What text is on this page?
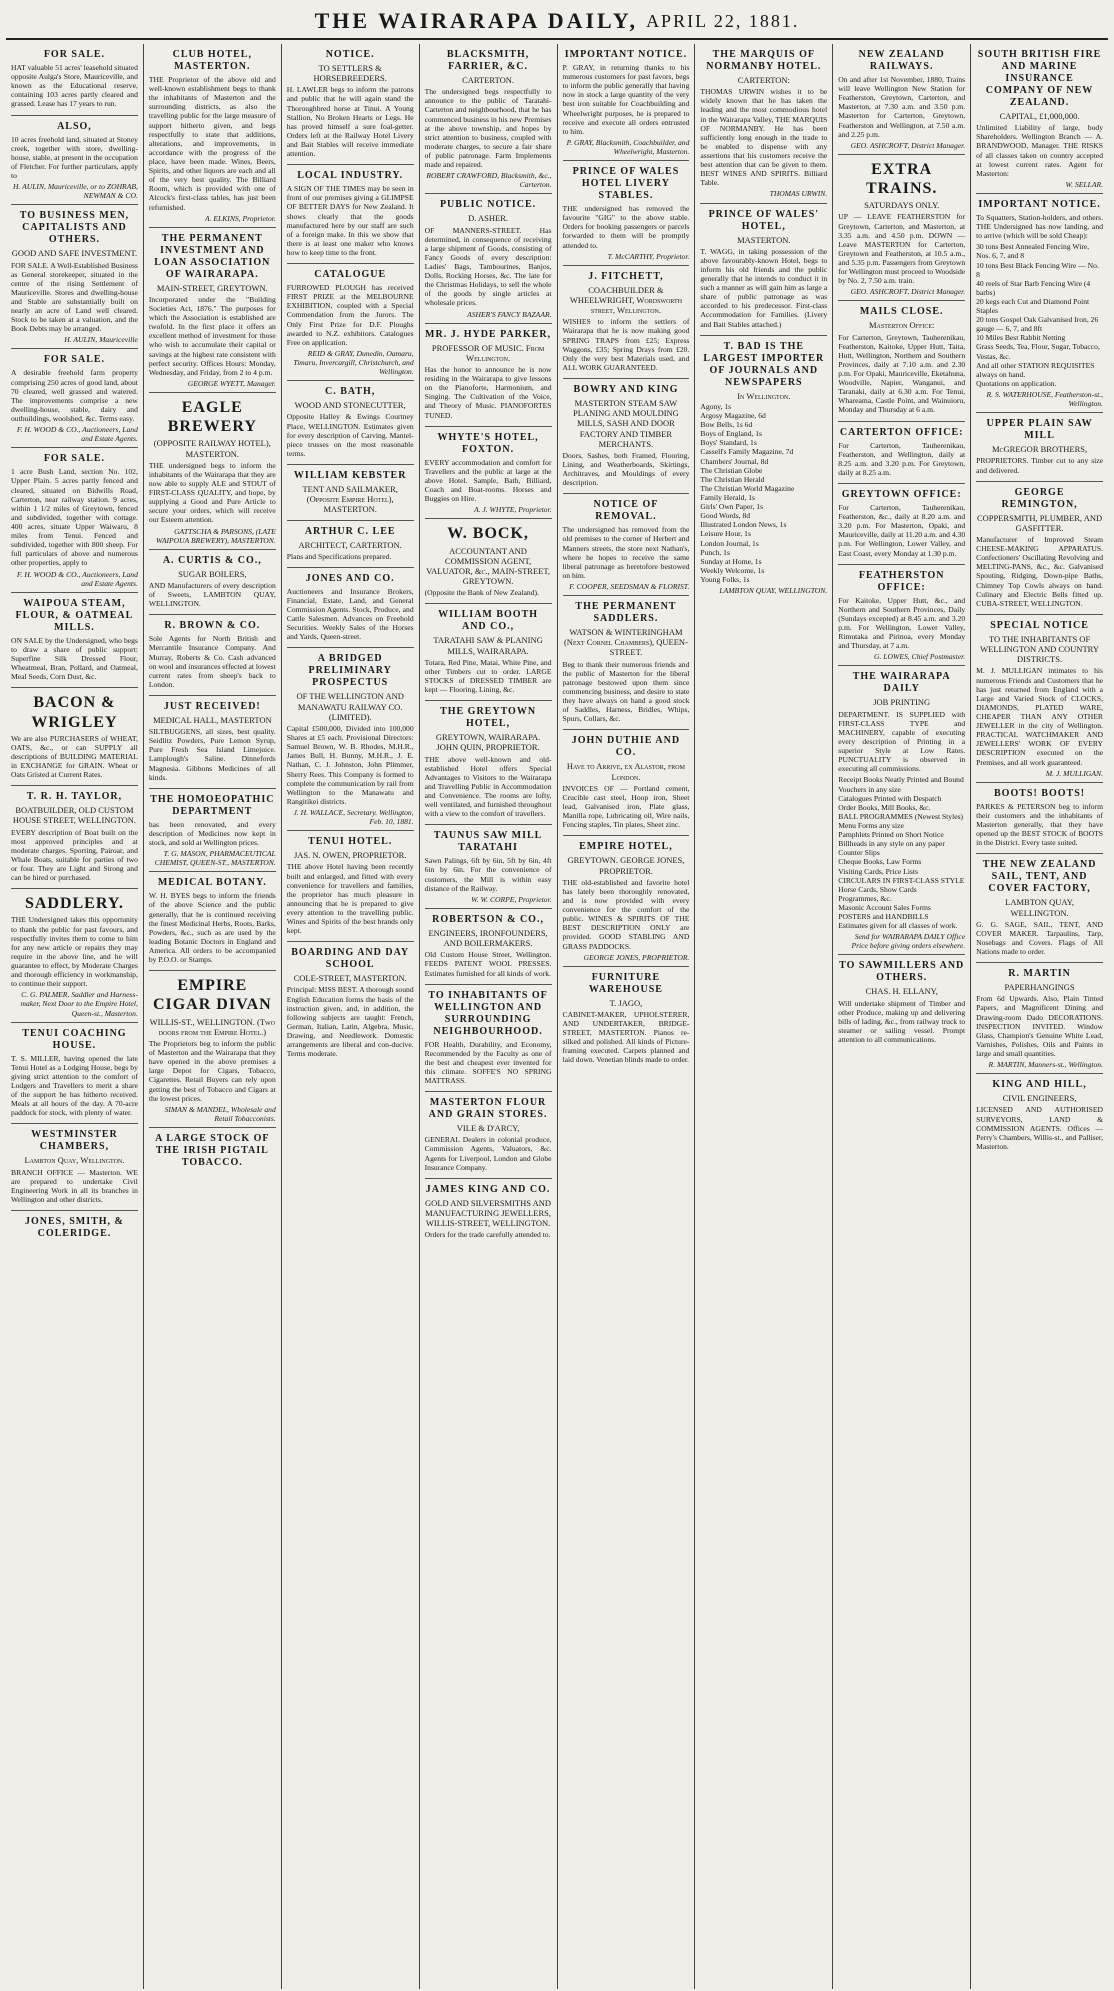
THE WAIRARAPA DAILY, APRIL 22, 1881.
FOR SALE.
HAT valuable 51 acres' leasehold situated opposite Aulga's Store, Mauriceville, and known as the Educational reserve, containing 103 acres partly cleared and grassed. Lease has 17 years to run.
ALSO,
10 acres freehold land, situated at Stoney creek, together with store, dwelling-house, stable, at present in the occupation of Fletcher. For further particulars, apply to
H. AULIN, Mauriceville, or to ZOHRAB, NEWMAN & CO.
TO BUSINESS MEN, CAPITALISTS AND OTHERS.
GOOD AND SAFE INVESTMENT.
FOR SALE. A Well-Established Business as General storekeeper, situated in the centre of the rising Settlement of Mauriceville. Stores and dwelling-house and Stable are substantially built on nearly an acre of Land well cleared. Stock to be taken at a valuation, and the Book Debts may be arranged.
H. AULIN, Mauriceville
FOR SALE.
A desirable freehold farm property comprising 250 acres of good land, about 70 cleared, well grassed and watered. The improvements comprise a new dwelling-house, stable, dairy and outbuildings, woolshed, &c. Terms easy.
F. H. WOOD & CO., Auctioneers, Land and Estate Agents.
FOR SALE.
1 acre Bush Land, section No. 102, Upper Plain. 5 acres partly fenced and cleared, situated on Bidwills Road, Carterton, near railway station. 9 acres, within 1 1/2 miles of Greytown, fenced and subdivided, together with cottage. 400 acres, situate Upper Waiwaru, 8 miles from Tenui. Fenced and subdivided, together with 800 sheep. For full particulars of above and numerous other properties, apply to
F. H. WOOD & CO., Auctioneers, Land and Estate Agents.
WAIPOUA STEAM, FLOUR, & OATMEAL MILLS.
ON SALE by the Undersigned, who begs to draw a share of public support: Superfine Silk Dressed Flour, Wheatmeal, Bran, Pollard, and Oatmeal, Meal Seeds, Corn Dust, &c.
BACON & WRIGLEY
We are also PURCHASERS of WHEAT, OATS, &c., or can SUPPLY all descriptions of BUILDING MATERIAL in EXCHANGE for GRAIN. Wheat or Oats Gristed at Current Rates.
T. R. H. TAYLOR,
BOATBUILDER, OLD CUSTOM HOUSE STREET, WELLINGTON.
EVERY description of Boat built on the most approved principles and at moderate charges. Sporting, Pairoar, and Whale Boats, suitable for parties of two or four. They are Light and Strong and can be hired or purchased.
SADDLERY.
THE Undersigned takes this opportunity to thank the public for past favours, and respectfully invites them to come to him for any new article or repairs they may require in the above line, and he will guarantee to effect, by Moderate Charges and thorough efficiency in workmanship, to continue their support.
C. G. PALMER, Saddler and Harness-maker, Next Door to the Empire Hotel, Queen-st., Masterton.
TENUI COACHING HOUSE.
T. S. MILLER, having opened the late Tenui Hotel as a Lodging House, begs by giving strict attention to the comfort of Lodgers and Travellers to merit a share of the support he has hitherto received. Meals at all hours of the day. A 70-acre paddock for stock, with plenty of water.
WESTMINSTER CHAMBERS,
Lambton Quay, Wellington.
BRANCH OFFICE — Masterton. WE are prepared to undertake Civil Engineering Work in all its branches in Wellington and other districts.
JONES, SMITH, & COLERIDGE.
CLUB HOTEL, MASTERTON.
THE Proprietor of the above old and well-known establishment begs to thank the inhabitants of Masterton and the surrounding districts, as also the travelling public for the large measure of support hitherto given, and begs respectfully to state that additions, alterations, and improvements, in accordance with the progress of the place, have been made. Wines, Beers, Spirits, and other liquors are each and all of the very best quality. The Billiard Room, which is provided with one of Alcock's first-class tables, has just been refurnished.
A. ELKINS, Proprietor.
THE PERMANENT INVESTMENT AND LOAN ASSOCIATION OF WAIRARAPA.
MAIN-STREET, GREYTOWN.
Incorporated under the "Building Societies Act, 1876." The purposes for which the Association is established are twofold. In the first place it offers an excellent method of investment for those who wish to accumulate their capital or savings at the highest rate consistent with perfect security. Offices Hours: Monday, Wednesday, and Friday, from 2 to 4 p.m.
GEORGE WYETT, Manager.
EAGLE BREWERY
(OPPOSITE RAILWAY HOTEL), MASTERTON.
THE undersigned begs to inform the inhabitants of the Wairarapa that they are now able to supply ALE and STOUT of FIRST-CLASS QUALITY, and hope, by supplying a Good and Pure Article to secure your orders, which will receive our Esteem attention.
GATTSCHA & PARSONS, (LATE WAIPOUA BREWERY), MASTERTON.
A. CURTIS & CO.,
SUGAR BOILERS,
AND Manufacturers of every description of Sweets, LAMBTON QUAY, WELLINGTON.
R. BROWN & CO.
Sole Agents for North British and Mercantile Insurance Company. And Murray, Roberts & Co. Cash advanced on wool and insurances effected at lowest current rates from sheep's back to London.
JUST RECEIVED!
MEDICAL HALL, MASTERTON
SILTBUGGENS, all sizes, best quality. Seidlitz Powders, Pure Lemon Syrup, Pure Fresh Sea Island Limejuice. Lamplough's Saline. Dinnefords Magnesia. Gibbons Medicines of all kinds.
THE HOMOEOPATHIC DEPARTMENT
has been renovated, and every description of Medicines now kept in stock, and sold at Wellington prices.
T. G. MASON, PHARMACEUTICAL CHEMIST, QUEEN-ST., MASTERTON.
MEDICAL BOTANY.
W. H. BYES begs to inform the friends of the above Science and the public generally, that he is continued receiving the finest Medicinal Herbs, Roots, Barks, Powders, &c., such as are used by the leading Botanic Doctors in England and America. All orders to be accompanied by P.O.O. or Stamps.
EMPIRE CIGAR DIVAN
WILLIS-ST., WELLINGTON. (Two doors from the Empire Hotel.)
The Proprietors beg to inform the public of Masterton and the Wairarapa that they have opened in the above premises a large Depot for Cigars, Tobacco, Cigarettes. Retail Buyers can rely upon getting the best of Tobacco and Cigars at the lowest prices.
SIMAN & MANDEL, Wholesale and Retail Tobacconists.
A LARGE STOCK OF THE IRISH PIGTAIL TOBACCO.
NOTICE.
TO SETTLERS & HORSEBREEDERS.
H. LAWLER begs to inform the patrons and public that he will again stand the Thoroughbred horse at Tinui. A Young Stallion, No Broken Hearts or Legs. He has proved himself a sure foal-getter. Orders left at the Railway Hotel Livery and Bait Stables will receive immediate attention.
LOCAL INDUSTRY.
A SIGN OF THE TIMES may be seen in front of our premises giving a GLIMPSE OF BETTER DAYS for New Zealand. It shows clearly that the goods manufactured here by our staff are such of a foreign make. In this we show that there is at least one maker who knows how to keep time to the front.
CATALOGUE
FURROWED PLOUGH has received FIRST PRIZE at the MELBOURNE EXHIBITION, coupled with a Special Commendation from the Jurors. The Only First Prize for D.F. Ploughs awarded to N.Z. exhibitors. Catalogues Free on application.
REID & GRAY, Dunedin, Oamaru, Timaru, Invercargill, Christchurch, and Wellington.
C. BATH,
WOOD AND STONECUTTER,
Opposite Halley & Ewings Courtney Place, WELLINGTON. Estimates given for every description of Carving. Mantel-piece trusses on the most reasonable terms.
WILLIAM KEBSTER
TENT AND SAILMAKER, (Opposite Empire Hotel), MASTERTON.
ARTHUR C. LEE
ARCHITECT, CARTERTON.
Plans and Specifications prepared.
JONES AND CO.
Auctioneers and Insurance Brokers, Financial, Estate, Land, and General Commission Agents. Stock, Produce, and Cattle Salesmen. Advances on Freehold Securities. Weekly Sales of the Horses and Yards, Queen-street.
A BRIDGED PRELIMINARY PROSPECTUS
OF THE WELLINGTON AND MANAWATU RAILWAY CO. (LIMITED).
Capital £500,000, Divided into 100,000 Shares at £5 each. Provisional Directors: Samuel Brown, W. B. Rhodes, M.H.R., James Bull, H. Bunny, M.H.R., J. E. Nathan, C. J. Johnston, John Plimmer, Sherry Rees. This Company is formed to complete the communication by rail from Wellington to the Manawatu and Rangitikei districts.
J. H. WALLACE, Secretary. Wellington, Feb. 10, 1881.
TENUI HOTEL.
JAS. N. OWEN, PROPRIETOR.
THE above Hotel having been recently built and enlarged, and fitted with every convenience for travellers and families, the proprietor has much pleasure in announcing that he is prepared to give every attention to the travelling public. Wines and Spirits of the best brands only kept.
BOARDING AND DAY SCHOOL
COLE-STREET, MASTERTON.
Principal: MISS BEST. A thorough sound English Education forms the basis of the instruction given, and, in addition, the following subjects are taught: French, German, Italian, Latin, Algebra, Music, Drawing, and Needlework. Domestic arrangements are liberal and con-ducive. Terms moderate.
BLACKSMITH, FARRIER, &C.
CARTERTON.
The undersigned begs respectfully to announce to the public of Taratahi-Carterton and neighbourhood, that he has commenced business in his new Premises at the above township, and hopes by strict attention to business, coupled with moderate charges, to secure a fair share of public patronage. Farm Implements made and repaired.
ROBERT CRAWFORD, Blacksmith, &c., Carterton.
PUBLIC NOTICE.
D. ASHER.
OF MANNERS-STREET. Has determined, in consequence of receiving a large shipment of Goods, consisting of Fancy Goods of every description: Ladies' Bags, Tambourines, Banjos, Dolls, Rocking Horses, &c. The late for the Christmas Holidays, to sell the whole of the goods by single articles at wholesale prices.
ASHER'S FANCY BAZAAR.
MR. J. HYDE PARKER,
PROFESSOR OF MUSIC. From Wellington.
Has the honor to announce he is now residing in the Wairarapa to give lessons on the Pianoforte, Harmonium, and Singing. The Cultivation of the Voice, and Theory of Music. PIANOFORTES TUNED.
WHYTE'S HOTEL, FOXTON.
EVERY accommodation and comfort for Travellers and the public at large at the above Hotel. Sample, Bath, Billiard, Coach and Boat-rooms. Horses and Buggies on Hire.
A. J. WHYTE, Proprietor.
W. BOCK,
ACCOUNTANT AND COMMISSION AGENT, VALUATOR, &c., MAIN-STREET, GREYTOWN.
(Opposite the Bank of New Zealand).
WILLIAM BOOTH AND CO.,
TARATAHI SAW & PLANING MILLS, WAIRARAPA.
Totara, Red Pine, Matai, White Pine, and other Timbers cut to order. LARGE STOCKS of DRESSED TIMBER are kept — Flooring, Lining, &c.
THE GREYTOWN HOTEL,
GREYTOWN, WAIRARAPA. JOHN QUIN, PROPRIETOR.
THE above well-known and old-established Hotel offers Special Advantages to Visitors to the Wairarapa and Travelling Public in Accommodation and Convenience. The rooms are lofty, well ventilated, and furnished throughout with a view to the comfort of travellers.
TAUNUS SAW MILL TARATAHI
Sawn Palings, 6ft by 6in, 5ft by 6in, 4ft 6in by 6in. For the convenience of customers, the Mill is within easy distance of the Railway.
W. W. CORPE, Proprietor.
ROBERTSON & CO.,
ENGINEERS, IRONFOUNDERS, AND BOILERMAKERS.
Old Custom House Street, Wellington. FEEDS PATENT WOOL PRESSES. Estimates furnished for all kinds of work.
TO INHABITANTS OF WELLINGTON AND SURROUNDING NEIGHBOURHOOD.
FOR Health, Durability, and Economy, Recommended by the Faculty as one of the best and cheapest ever invented for this climate. SOFFE'S NO SPRING MATTRASS.
MASTERTON FLOUR AND GRAIN STORES.
VILE & D'ARCY,
GENERAL Dealers in colonial produce, Commission Agents, Valuators, &c. Agents for Liverpool, London and Globe Insurance Company.
JAMES KING AND CO.
GOLD AND SILVERSMITHS AND MANUFACTURING JEWELLERS, WILLIS-STREET, WELLINGTON.
Orders for the trade carefully attended to.
IMPORTANT NOTICE.
P. GRAY, in returning thanks to his numerous customers for past favors, begs to inform the public generally that having now in stock a large quantity of the very best iron suitable for Coachbuilding and Wheelwright purposes, he is prepared to receive and execute all orders entrusted to him.
P. GRAY, Blacksmith, Coachbuilder, and Wheelwright, Masterton.
PRINCE OF WALES HOTEL LIVERY STABLES.
THE undersigned has removed the favourite "GIG" to the above stable. Orders for booking passengers or parcels forwarded to them will be promptly attended to.
T. McCARTHY, Proprietor.
J. FITCHETT,
COACHBUILDER & WHEELWRIGHT, Wordsworth street, Wellington.
WISHES to inform the settlers of Wairarapa that he is now making good SPRING TRAPS from £25; Express Waggons, £35; Spring Drays from £20. Only the very best Materials used, and ALL WORK GUARANTEED.
BOWRY AND KING
MASTERTON STEAM SAW PLANING AND MOULDING MILLS, SASH AND DOOR FACTORY AND TIMBER MERCHANTS.
Doors, Sashes, both Framed, Flooring, Lining, and Weatherboards, Skirtings, Architraves, and Mouldings of every description.
NOTICE OF REMOVAL.
The undersigned has removed from the old premises to the corner of Herbert and Manners streets, the store next Nathan's, where he hopes to receive the same liberal patronage as heretofore bestowed on him.
F. COOPER, SEEDSMAN & FLORIST.
THE PERMANENT SADDLERS.
WATSON & WINTERINGHAM (Next Cornel Chambers), QUEEN-STREET.
Beg to thank their numerous friends and the public of Masterton for the liberal patronage bestowed upon them since commencing business, and desire to state they have always on hand a good stock of Saddles, Harness, Bridles, Whips, Spurs, Collars, &c.
JOHN DUTHIE AND CO.
Have to Arrive, ex Alastor, from London.
INVOICES OF — Portland cement, Crucible cast steel, Hoop iron, Sheet lead, Galvanised iron, Plate glass, Manilla rope, Lubricating oil, Wire nails, Fencing staples, Tin plates, Sheet zinc.
EMPIRE HOTEL,
GREYTOWN. GEORGE JONES, PROPRIETOR.
THE old-established and favorite hotel has lately been thoroughly renovated, and is now provided with every convenience for the comfort of the public. WINES & SPIRITS OF THE BEST DESCRIPTION ONLY are provided. GOOD STABLING AND GRASS PADDOCKS.
GEORGE JONES, PROPRIETOR.
FURNITURE WAREHOUSE
T. JAGO,
CABINET-MAKER, UPHOLSTERER, AND UNDERTAKER, BRIDGE-STREET, MASTERTON. Pianos re-silked and polished. All kinds of Picture-framing executed. Carpets planned and laid down. Venetian blinds made to order.
THE MARQUIS OF NORMANBY HOTEL.
CARTERTON:
THOMAS URWIN wishes it to be widely known that he has taken the leading and the most commodious hotel in the Wairarapa Valley, THE MARQUIS OF NORMANBY. He has been sufficiently long enough in the trade to be enabled to dispense with any assertions that his customers receive the best attention that can be given to them. BEST WINES AND SPIRITS. Billiard Table.
THOMAS URWIN.
PRINCE OF WALES' HOTEL,
MASTERTON.
T. WAGG, in taking possession of the above favourably-known Hotel, begs to inform his old friends and the public generally that he intends to conduct it in such a manner as will gain him as large a share of public patronage as was accorded to his predecessor. First-class Accommodation for Families. (Livery and Bait Stables attached.)
T. BAD IS THE LARGEST IMPORTER OF JOURNALS AND NEWSPAPERS
In Wellington.
Agony, 1s
Argosy Magazine, 6d
Bow Bells, 1s 6d
Boys of England, 1s
Boys' Standard, 1s
Cassell's Family Magazine, 7d
Chambers' Journal, 8d
The Christian Globe
The Christian Herald
The Christian World Magazine
Family Herald, 1s
Girls' Own Paper, 1s
Good Words, 8d
Illustrated London News, 1s
Leisure Hour, 1s
London Journal, 1s
Punch, 1s
Sunday at Home, 1s
Weekly Welcome, 1s
Young Folks, 1s
LAMBTON QUAY, WELLINGTON.
NEW ZEALAND RAILWAYS.
On and after 1st November, 1880, Trains will leave Wellington New Station for Featherston, Greytown, Carterton, and Masterton, at 7.30 a.m. and 3.50 p.m. Masterton for Carterton, Greytown, Featherston and Wellington, at 7.50 a.m. and 2.25 p.m.
GEO. ASHCROFT, District Manager.
EXTRA TRAINS.
SATURDAYS ONLY.
UP — LEAVE FEATHERSTON for Greytown, Carterton, and Masterton, at 3.35 a.m. and 4.50 p.m. DOWN — Leave MASTERTON for Carterton, Greytown and Featherston, at 10.5 a.m., and 5.35 p.m. Passengers from Greytown for Wellington must proceed to Woodside by No. 2, 7.50 a.m. train.
GEO. ASHCROFT, District Manager.
MAILS CLOSE.
Masterton Office:
For Carterton, Greytown, Tauherenikau, Featherston, Kaitoke, Upper Hutt, Taita, Hutt, Wellington, Northern and Southern Provinces, daily at 7.10 a.m. and 2.30 p.m. For Opaki, Mauriceville, Eketahuna, Woodville, Napier, Wanganui, and Taranaki, daily at 6.30 a.m. For Tenui, Whareama, Castle Point, and Wainuioru, Monday and Thursday at 6 a.m.
CARTERTON OFFICE:
For Carterton, Tauherenikau, Featherston, and Wellington, daily at 8.25 a.m. and 3.20 p.m. For Greytown, daily at 8.25 a.m.
GREYTOWN OFFICE:
For Carterton, Tauherenikau, Featherston, &c., daily at 8.20 a.m. and 3.20 p.m. For Masterton, Opaki, and Mauriceville, daily at 11.20 a.m. and 4.30 p.m. For Wellington, Lower Valley, and East Coast, every Monday at 1.30 p.m.
FEATHERSTON OFFICE:
For Kaitoke, Upper Hutt, &c., and Northern and Southern Provinces, Daily (Sundays excepted) at 8.45 a.m. and 3.20 p.m. For Wellington, Lower Valley, Rimutaka and Pirinoa, every Monday and Thursday, at 7 a.m.
G. LOWES, Chief Postmaster.
THE WAIRARAPA DAILY
JOB PRINTING
DEPARTMENT. IS SUPPLIED with FIRST-CLASS TYPE and MACHINERY, capable of executing every description of Printing in a superior Style at Low Rates. PUNCTUALITY is observed in executing all commissions.
Receipt Books Neatly Printed and Bound
Vouchers in any size
Catalogues Printed with Despatch
Order Books, Mill Books, &c.
BALL PROGRAMMES (Newest Styles)
Menu Forms any size
Pamphlets Printed on Short Notice
Billheads in any style on any paper
Counter Slips
Cheque Books, Law Forms
Visiting Cards, Price Lists
CIRCULARS IN FIRST-CLASS STYLE
Horse Cards, Show Cards
Programmes, &c.
Masonic Account Sales Forms
POSTERS and HANDBILLS
Estimates given for all classes of work.
Send for WAIRARAPA DAILY Office Price before giving orders elsewhere.
TO SAWMILLERS AND OTHERS.
CHAS. H. ELLANY,
Will undertake shipment of Timber and other Produce, making up and delivering bills of lading, &c., from railway truck to steamer or sailing vessel. Prompt attention to all communications.
SOUTH BRITISH FIRE AND MARINE INSURANCE COMPANY OF NEW ZEALAND.
CAPITAL, £1,000,000.
Unlimited Liability of large, body Shareholders. Wellington Branch — A. BRANDWOOD, Manager. THE RISKS of all classes taken on country accepted at lowest current rates. Agent for Masterton:
W. SELLAR.
IMPORTANT NOTICE.
To Squatters, Station-holders, and others. THE Undersigned has now landing, and to arrive (which will be sold Cheap):
30 tons Best Annealed Fencing Wire, Nos. 6, 7, and 8
10 tons Best Black Fencing Wire — No. 8
40 reels of Star Barb Fencing Wire (4 barbs)
20 kegs each Cut and Diamond Point Staples
20 tons Gospel Oak Galvanised Iron, 26 gauge — 6, 7, and 8ft
10 Miles Best Rabbit Netting
Grass Seeds, Tea, Flour, Sugar, Tobacco, Vestas, &c.
And all other STATION REQUISITES always on hand.
Quotations on application.
R. S. WATERHOUSE, Featherston-st., Wellington.
UPPER PLAIN SAW MILL
McGREGOR BROTHERS,
PROPRIETORS. Timber cut to any size and delivered.
GEORGE REMINGTON,
COPPERSMITH, PLUMBER, AND GASFITTER.
Manufacturer of Improved Steam CHEESE-MAKING APPARATUS. Confectioners' Oscillating Revolving and MELTING-PANS, &c., &c. Galvanised Spouting, Ridging, Down-pipe Baths, Chimney Top Cowls always on hand. Culinary and Electric Bells fitted up. CUBA-STREET, WELLINGTON.
SPECIAL NOTICE
TO THE INHABITANTS OF WELLINGTON AND COUNTRY DISTRICTS.
M. J. MULLIGAN intimates to his numerous Friends and Customers that he has just returned from England with a Large and Varied Stock of CLOCKS, DIAMONDS, PLATED WARE, CHEAPER THAN ANY OTHER JEWELLER in the city of Wellington. PRACTICAL WATCHMAKER AND JEWELLERS' WORK OF EVERY DESCRIPTION executed on the Premises, and all work guaranteed.
M. J. MULLIGAN.
BOOTS! BOOTS!
PARKES & PETERSON beg to inform their customers and the inhabitants of Masterton generally, that they have opened up the BEST STOCK of BOOTS in the District. Every taste suited.
THE NEW ZEALAND SAIL, TENT, AND COVER FACTORY,
LAMBTON QUAY, WELLINGTON.
G. G. SAGE, SAIL, TENT, AND COVER MAKER. Tarpaulins, Tarp, Nosebags and Covers. Flags of All Nations made to order.
R. MARTIN
PAPERHANGINGS
From 6d Upwards. Also, Plain Tinted Papers, and Magnificent Dining and Drawing-room Dado DECORATIONS. INSPECTION INVITED. Window Glass, Champion's Genuine White Lead, Varnishes, Polishes, Oils and Paints in large and small quantities.
R. MARTIN, Manners-st., Wellington.
KING AND HILL,
CIVIL ENGINEERS,
LICENSED AND AUTHORISED SURVEYORS, LAND & COMMISSION AGENTS. Offices — Perry's Chambers, Willis-st., and Palliser, Masterton.
